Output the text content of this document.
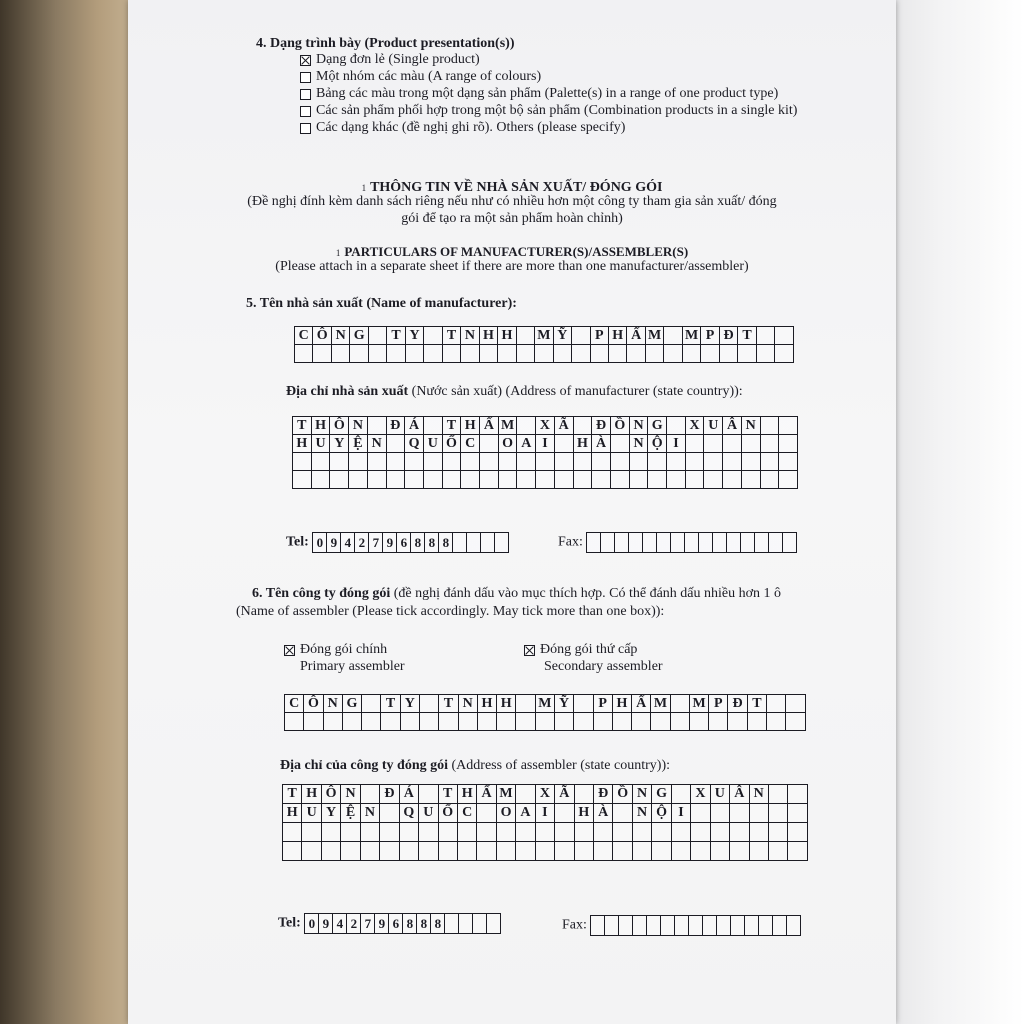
4. Dạng trình bày (Product presentation(s))
Dạng đơn lẻ (Single product)
Một nhóm các màu (A range of colours)
Bảng các màu trong một dạng sản phẩm (Palette(s) in a range of one product type)
Các sản phẩm phối hợp trong một bộ sản phẩm (Combination products in a single kit)
Các dạng khác (đề nghị ghi rõ). Others (please specify)
1 THÔNG TIN VỀ NHÀ SẢN XUẤT/ ĐÓNG GÓI
(Đề nghị đính kèm danh sách riêng nếu như có nhiều hơn một công ty tham gia sản xuất/ đóng
gói để tạo ra một sản phẩm hoàn chỉnh)
1 PARTICULARS OF MANUFACTURER(S)/ASSEMBLER(S)
(Please attach in a separate sheet if there are more than one manufacturer/assembler)
5. Tên nhà sản xuất (Name of manufacturer):
C	Ô	N	G		T	Y		T	N	H	H		M	Ỹ		P	H	Ẩ	M		M	P	Đ	T		

Địa chỉ nhà sản xuất (Nước sản xuất) (Address of manufacturer (state country)):
T	H	Ô	N		Đ	Á		T	H	Ấ	M		X	Ã		Đ	Ồ	N	G		X	U	Â	N		
H	U	Y	Ệ	N		Q	U	Ố	C		O	A	I		H	À		N	Ộ	I						

Tel: 0 9 4 2 7 9 6 8 8 8	Fax:
6. Tên công ty đóng gói (đề nghị đánh dấu vào mục thích hợp. Có thể đánh dấu nhiều hơn 1 ô
(Name of assembler (Please tick accordingly. May tick more than one box)):
Đóng gói chính
Primary assembler
Đóng gói thứ cấp
Secondary assembler
C	Ô	N	G		T	Y		T	N	H	H		M	Ỹ		P	H	Ẩ	M		M	P	Đ	T		

Địa chỉ của công ty đóng gói (Address of assembler (state country)):
T	H	Ô	N		Đ	Á		T	H	Ấ	M		X	Ã		Đ	Ồ	N	G		X	U	Â	N		
H	U	Y	Ệ	N		Q	U	Ố	C		O	A	I		H	À		N	Ộ	I						

Tel: 0 9 4 2 7 9 6 8 8 8	Fax:
